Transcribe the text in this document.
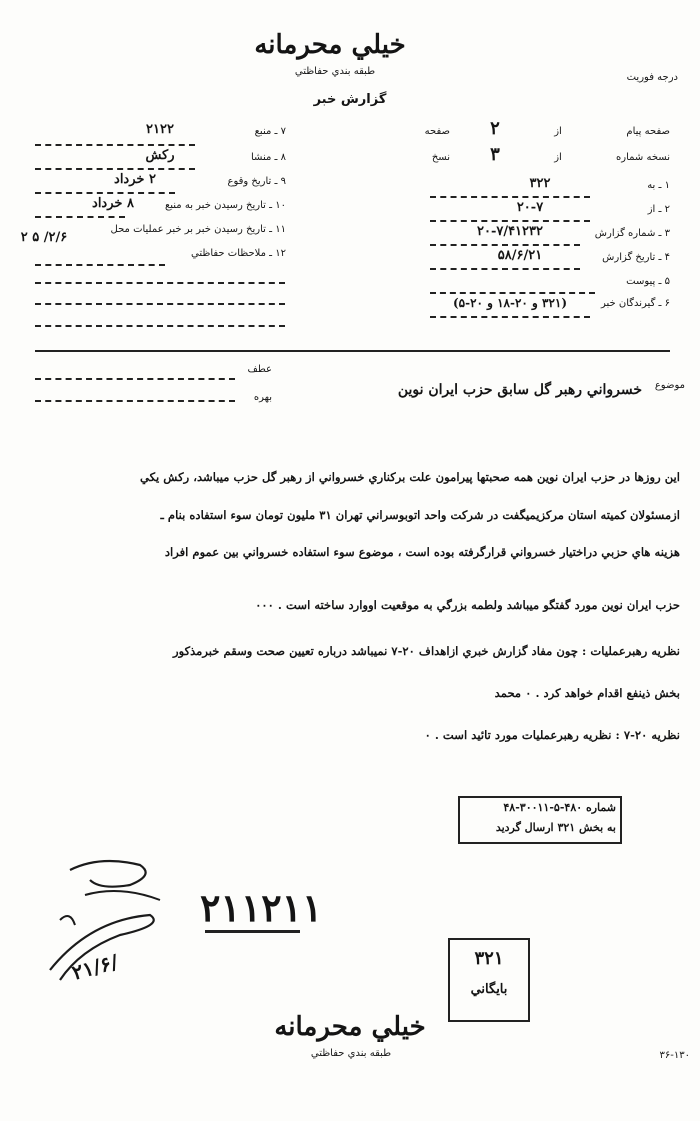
خيلي محرمانه
طبقه بندي حفاظتي
درجه فوريت
گزارش خبر
۷ ـ منبع
۲۱۲۲
۸ ـ منشا
رکش
۹ ـ تاريخ وقوع
۲ خرداد
۱۰ ـ تاريخ رسيدن خبر به منبع
۸ خرداد
۱۱ ـ تاريخ رسيدن خبر بر خبر عمليات محل
۲/۶/ ۵ ۲
۱۲ ـ ملاحظات حفاظتي
صفحه پيام
از
۲
صفحه
نسخه شماره
از
۳
نسخ
۱ ـ به
۳۲۲
۲ ـ از
۲۰-۷
۳ ـ شماره گزارش
۲۰-۷/۴۱۲۳۲
۴ ـ تاريخ گزارش
۵۸/۶/۲۱
۵ ـ پيوست
۶ ـ گيرندگان خبر
(۳۲۱ و ۲۰-۱۸ و ۲۰-۵)
عطف
بهره
موضوع
خسرواني رهبر گل سابق حزب ايران نوين
اين روزها در حزب ايران نوين همه صحبتها پيرامون علت بركناري خسرواني از رهبر گل حزب ميباشد، ركش يكي
ازمسئولان كميته استان مركزيميگفت در شركت واحد اتوبوسراني تهران ۳۱ ملیون تومان سوء استفاده بنام ـ
هزينه هاي حزبي دراختيار خسرواني قرارگرفته بوده است ، موضوع سوء استفاده خسرواني بين عموم افراد
حزب ايران نوين مورد گفتگو ميباشد ولطمه بزرگي به موقعيت اووارد ساخته است . ۰۰۰
نظريه رهبرعمليات : چون مفاد گزارش خبري ازاهداف ۲۰-۷ نميباشد درباره تعيين صحت وسقم خبرمذكور
بخش ذينفع اقدام خواهد كرد . ۰ محمد
نظريه ۲۰-۷ : نظريه رهبرعمليات مورد تائيد است . ۰
شماره ۴۸۰-۵-۳۰۰۱۱-۴۸
به بخش ۳۲۱ ارسال گرديد
۲۱/۶/
۲۱۱۲۱۱
۳۲۱
بايگاني
خيلي محرمانه
طبقه بندي حفاظتي	۳۶-۱۳۰
